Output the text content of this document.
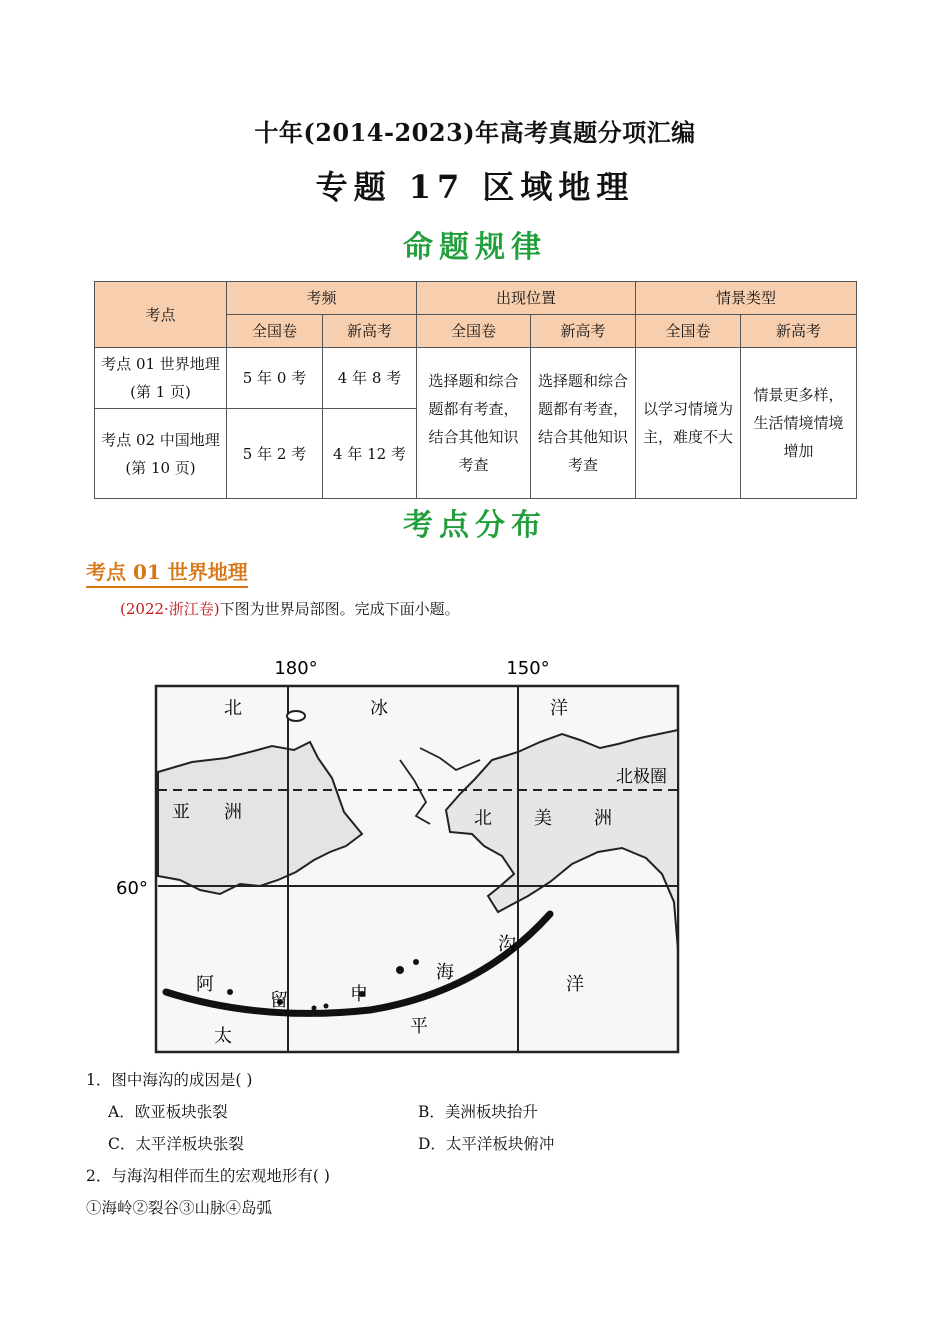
十年(2014-2023)年高考真题分项汇编
专题 17 区域地理
命题规律
考点	考频		出现位置		情景类型	
	全国卷	新高考	全国卷	新高考	全国卷	新高考
考点 01 世界地理(第 1 页)	5 年 0 考	4 年 8 考	选择题和综合题都有考查，结合其他知识考查	选择题和综合题都有考查，结合其他知识考查	以学习情境为主，难度不大	情景更多样，生活情境情境增加
考点 02 中国地理(第 10 页)	5 年 2 考	4 年 12 考				
考点分布
考点 01 世界地理
(2022·浙江卷)下图为世界局部图。完成下面小题。
180°	150°
60°
北极圈
北	冰	洋
亚 洲	北 美 洲
阿
留	申
海
沟
太	平
洋
1．图中海沟的成因是( )
A．欧亚板块张裂	B．美洲板块抬升
C．太平洋板块张裂	D．太平洋板块俯冲
2．与海沟相伴而生的宏观地形有( )
①海岭②裂谷③山脉④岛弧
